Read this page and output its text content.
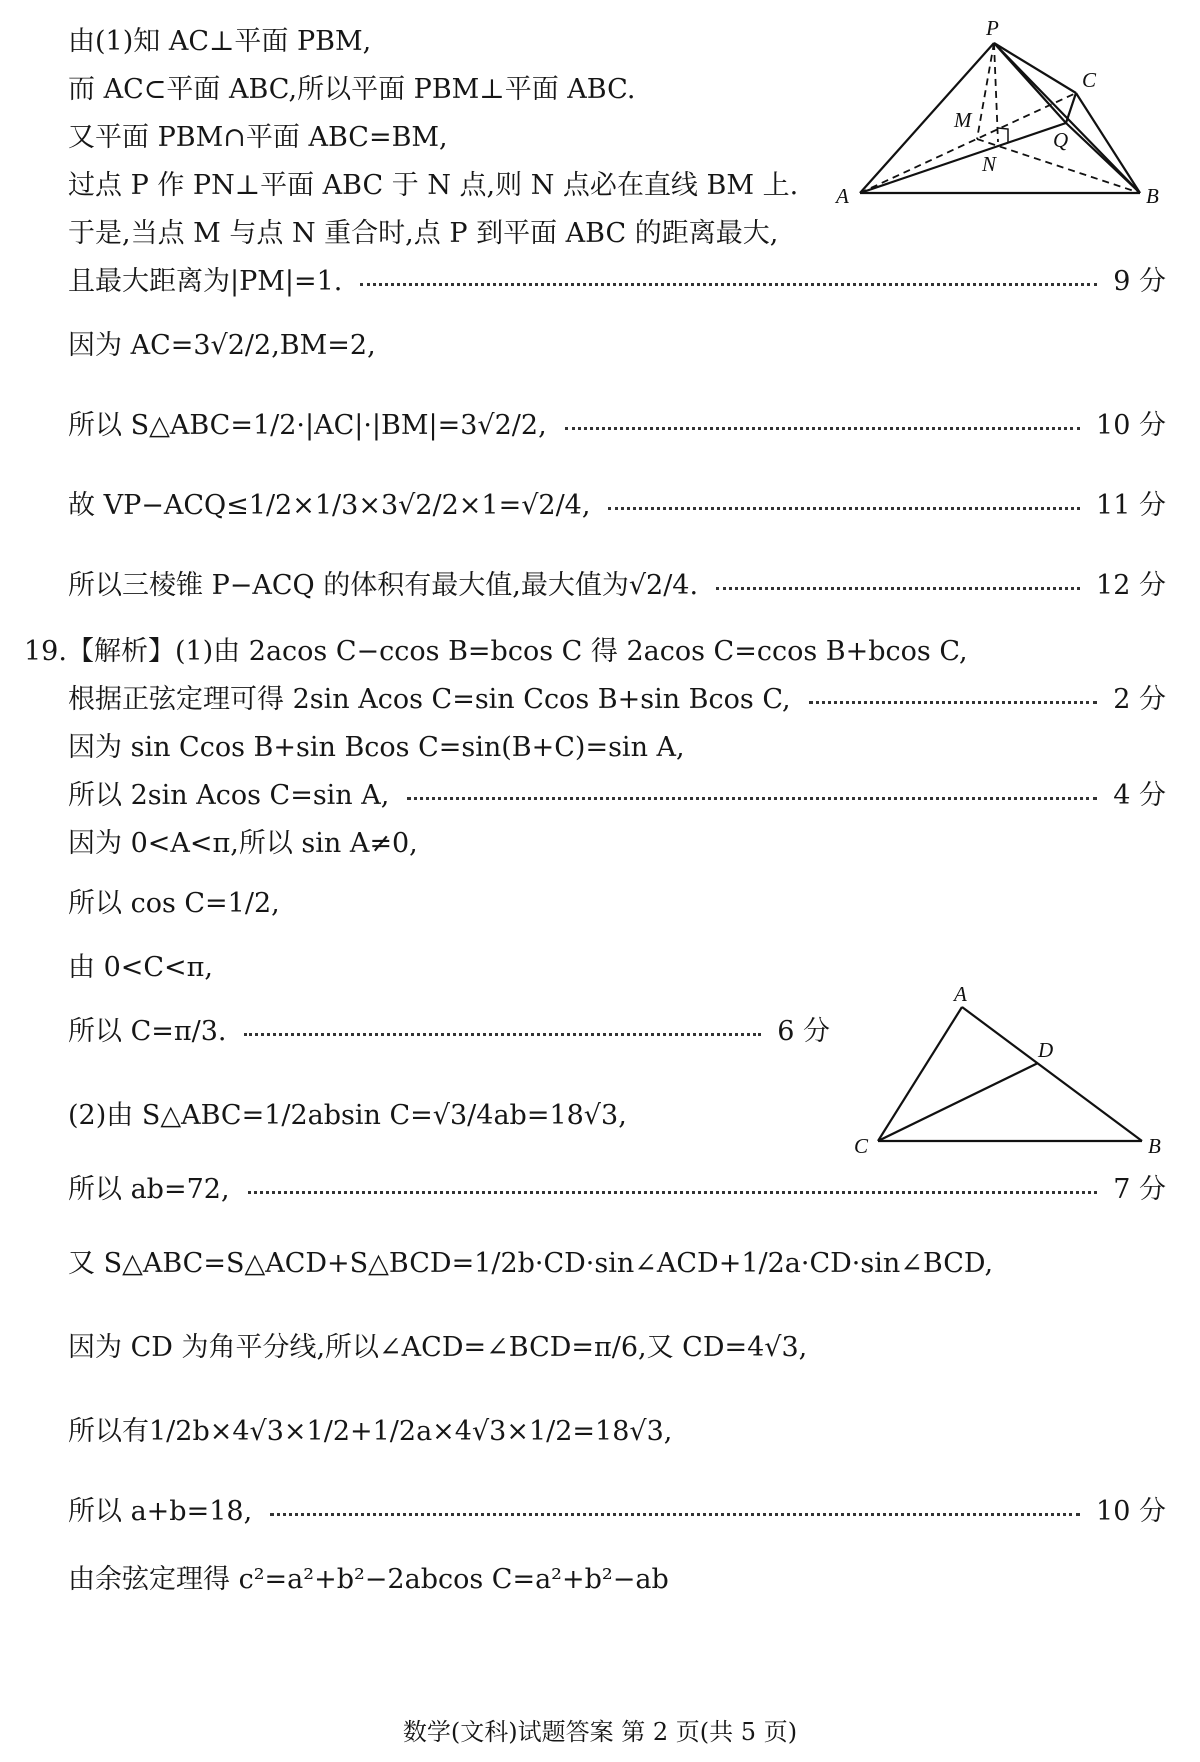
由(1)知 AC⊥平面 PBM,
而 AC⊂平面 ABC,所以平面 PBM⊥平面 ABC.
又平面 PBM∩平面 ABC=BM,
过点 P 作 PN⊥平面 ABC 于 N 点,则 N 点必在直线 BM 上.
于是,当点 M 与点 N 重合时,点 P 到平面 ABC 的距离最大,
且最大距离为|PM|=1.	9 分
因为 AC=3√2/2,BM=2,
所以 S△ABC=1/2·|AC|·|BM|=3√2/2,	10 分
故 VP−ACQ≤1/2×1/3×3√2/2×1=√2/4,	11 分
所以三棱锥 P−ACQ 的体积有最大值,最大值为√2/4.	12 分
19.【解析】(1)由 2acos C−ccos B=bcos C 得 2acos C=ccos B+bcos C,
根据正弦定理可得 2sin Acos C=sin Ccos B+sin Bcos C,	2 分
因为 sin Ccos B+sin Bcos C=sin(B+C)=sin A,
所以 2sin Acos C=sin A,	4 分
因为 0<A<π,所以 sin A≠0,
所以 cos C=1/2,
由 0<C<π,
所以 C=π/3.	6 分
(2)由 S△ABC=1/2absin C=√3/4ab=18√3,
所以 ab=72,	7 分
又 S△ABC=S△ACD+S△BCD=1/2b·CD·sin∠ACD+1/2a·CD·sin∠BCD,
因为 CD 为角平分线,所以∠ACD=∠BCD=π/6,又 CD=4√3,
所以有1/2b×4√3×1/2+1/2a×4√3×1/2=18√3,
所以 a+b=18,	10 分
由余弦定理得 c²=a²+b²−2abcos C=a²+b²−ab
P
C
M
Q
N
A	B
A
D
C	B
数学(文科)试题答案 第 2 页(共 5 页)
